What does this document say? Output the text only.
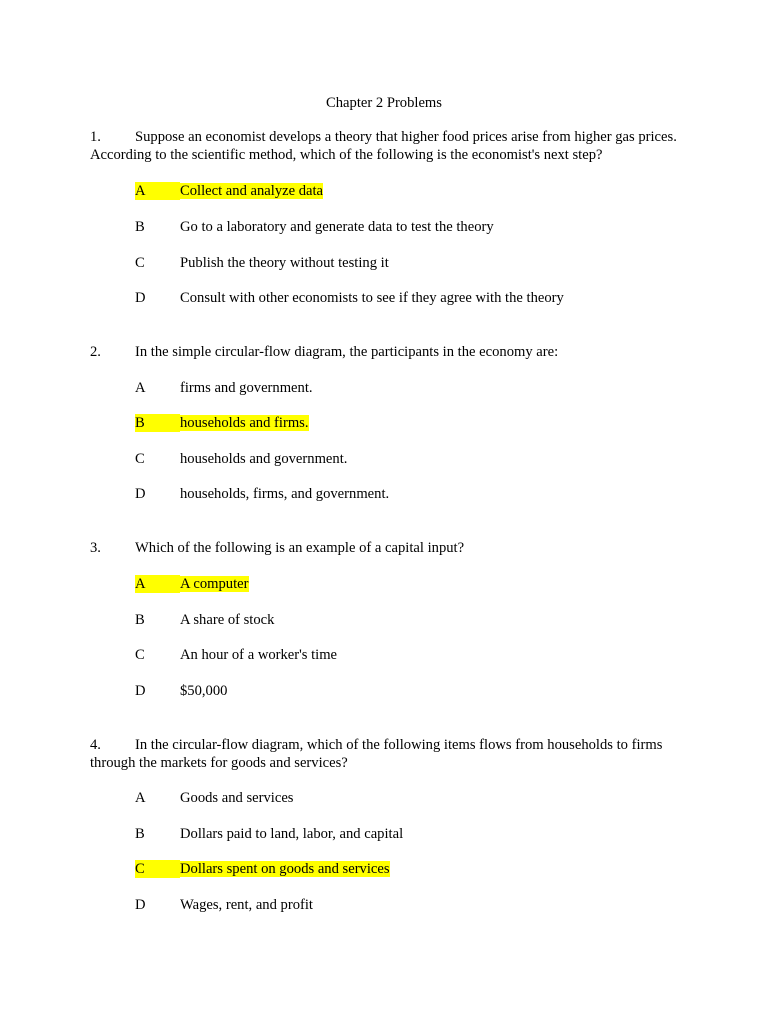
Chapter 2 Problems
1. Suppose an economist develops a theory that higher food prices arise from higher gas prices. According to the scientific method, which of the following is the economist's next step?
A Collect and analyze data
B Go to a laboratory and generate data to test the theory
C Publish the theory without testing it
D Consult with other economists to see if they agree with the theory
2. In the simple circular-flow diagram, the participants in the economy are:
A firms and government.
B households and firms.
C households and government.
D households, firms, and government.
3. Which of the following is an example of a capital input?
A A computer
B A share of stock
C An hour of a worker's time
D $50,000
4. In the circular-flow diagram, which of the following items flows from households to firms through the markets for goods and services?
A Goods and services
B Dollars paid to land, labor, and capital
C Dollars spent on goods and services
D Wages, rent, and profit
